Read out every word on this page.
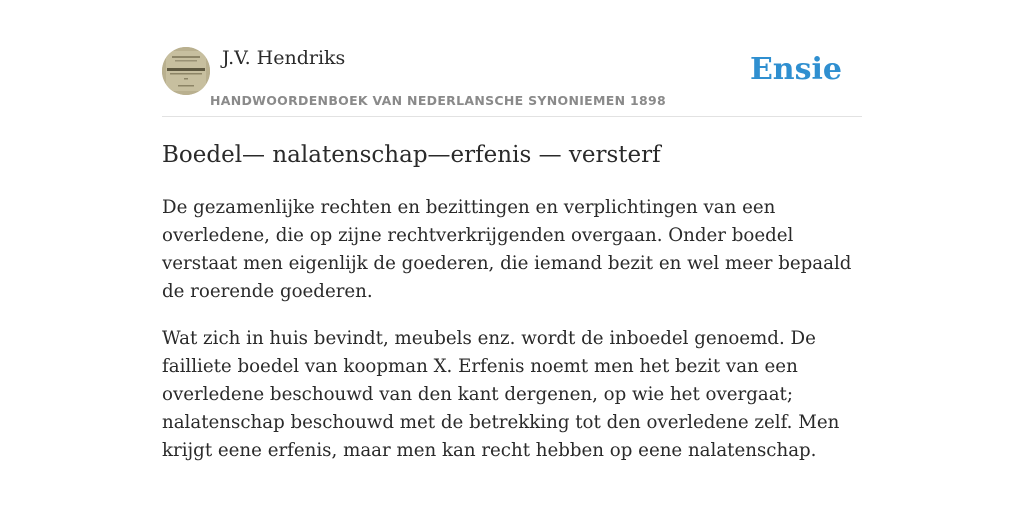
J.V. Hendriks
HANDWOORDENBOEK VAN NEDERLANSCHE SYNONIEMEN 1898
Ensie
Boedel— nalatenschap—erfenis — versterf

De gezamenlijke rechten en bezittingen en verplichtingen van een overledene, die op zijne rechtverkrijgenden overgaan. Onder boedel verstaat men eigenlijk de goederen, die iemand bezit en wel meer bepaald de roerende goederen.

Wat zich in huis bevindt, meubels enz. wordt de inboedel genoemd. De failliete boedel van koopman X. Erfenis noemt men het bezit van een overledene beschouwd van den kant dergenen, op wie het overgaat; nalatenschap beschouwd met de betrekking tot den overledene zelf. Men krijgt eene erfenis, maar men kan recht hebben op eene nalatenschap.
